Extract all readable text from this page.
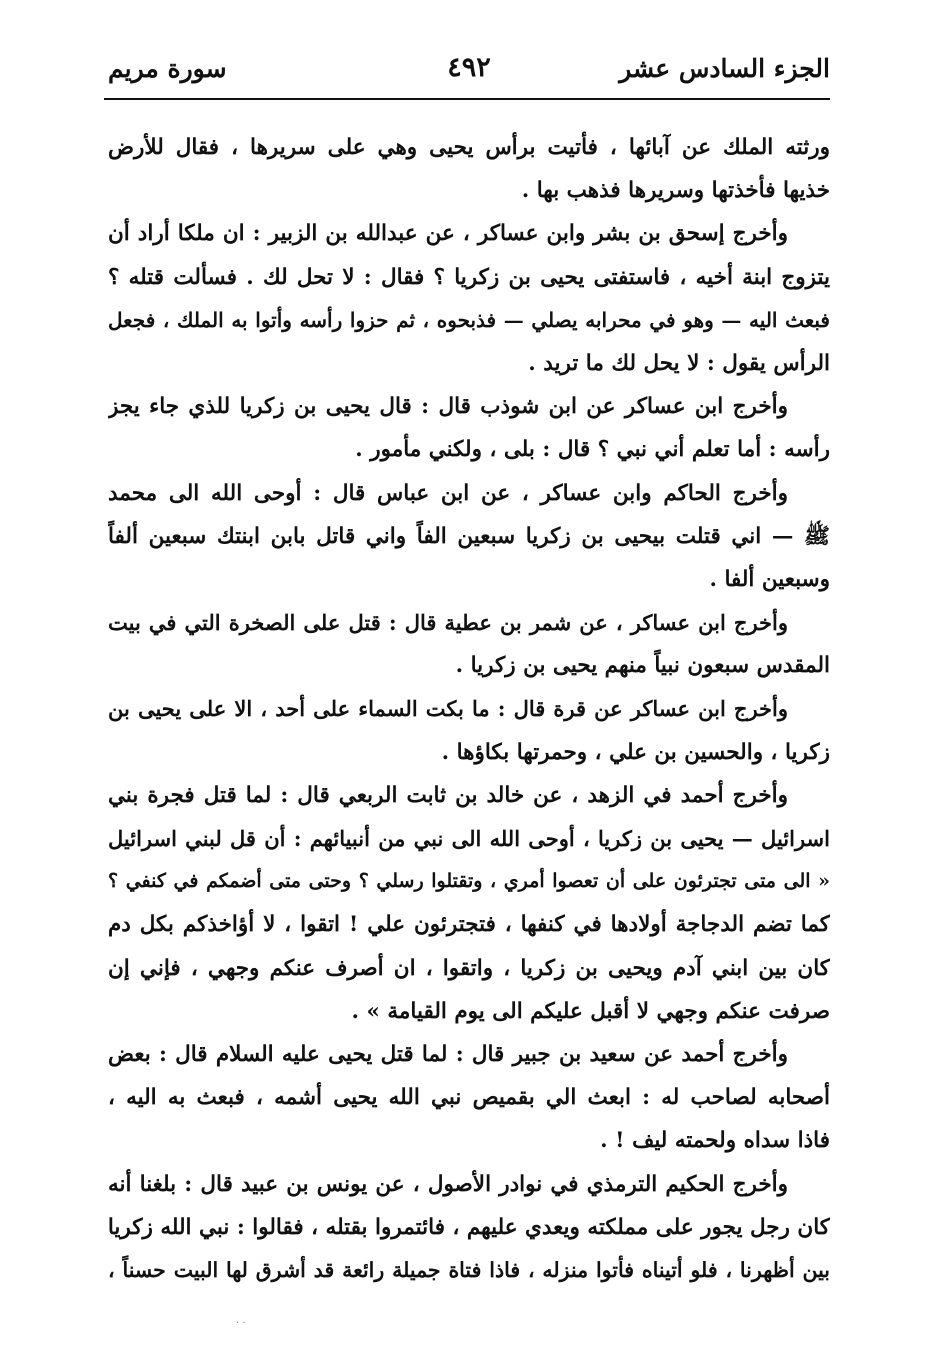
الجزء السادس عشر
٤٩٢
سورة مريم
ورثته الملك عن آبائها ، فأتيت برأس يحيى وهي على سريرها ، فقال للأرض
خذيها فأخذتها وسريرها فذهب بها .
وأخرج إسحق بن بشر وابن عساكر ، عن عبدالله بن الزبير : ان ملكا أراد أن
يتزوج ابنة أخيه ، فاستفتى يحيى بن زكريا ؟ فقال : لا تحل لك . فسألت قتله ؟
فبعث اليه — وهو في محرابه يصلي — فذبحوه ، ثم حزوا رأسه وأتوا به الملك ، فجعل
الرأس يقول : لا يحل لك ما تريد .
وأخرج ابن عساكر عن ابن شوذب قال : قال يحيى بن زكريا للذي جاء يجز
رأسه : أما تعلم أني نبي ؟ قال : بلى ، ولكني مأمور .
وأخرج الحاكم وابن عساكر ، عن ابن عباس قال : أوحى الله الى محمد
ﷺ — اني قتلت بيحيى بن زكريا سبعين الفاً واني قاتل بابن ابنتك سبعين ألفاً
وسبعين ألفا .
وأخرج ابن عساكر ، عن شمر بن عطية قال : قتل على الصخرة التي في بيت
المقدس سبعون نبياً منهم يحيى بن زكريا .
وأخرج ابن عساكر عن قرة قال : ما بكت السماء على أحد ، الا على يحيى بن
زكريا ، والحسين بن علي ، وحمرتها بكاؤها .
وأخرج أحمد في الزهد ، عن خالد بن ثابت الربعي قال : لما قتل فجرة بني
اسرائيل — يحيى بن زكريا ، أوحى الله الى نبي من أنبيائهم : أن قل لبني اسرائيل
« الى متى تجترئون على أن تعصوا أمري ، وتقتلوا رسلي ؟ وحتى متى أضمكم في كنفي ؟
كما تضم الدجاجة أولادها في كنفها ، فتجترئون علي ! اتقوا ، لا أؤاخذكم بكل دم
كان بين ابني آدم ويحيى بن زكريا ، واتقوا ، ان أصرف عنكم وجهي ، فإني إن
صرفت عنكم وجهي لا أقبل عليكم الى يوم القيامة » .
وأخرج أحمد عن سعيد بن جبير قال : لما قتل يحيى عليه السلام قال : بعض
أصحابه لصاحب له : ابعث الي بقميص نبي الله يحيى أشمه ، فبعث به اليه ،
فاذا سداه ولحمته ليف ! .
وأخرج الحكيم الترمذي في نوادر الأصول ، عن يونس بن عبيد قال : بلغنا أنه
كان رجل يجور على مملكته ويعدي عليهم ، فائتمروا بقتله ، فقالوا : نبي الله زكريا
بين أظهرنا ، فلو أتيناه فأتوا منزله ، فاذا فتاة جميلة رائعة قد أشرق لها البيت حسناً ،
· ·
